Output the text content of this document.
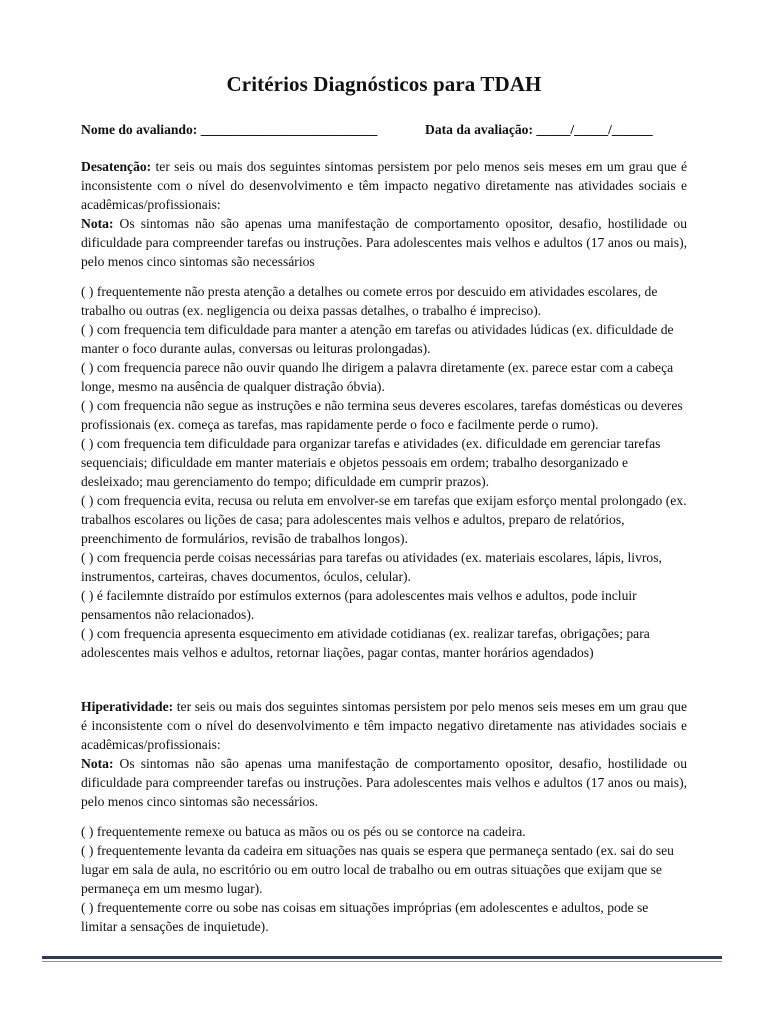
Critérios Diagnósticos para TDAH
Nome do avaliando: __________________________	Data da avaliação: _____/_____/______

Desatenção: ter seis ou mais dos seguintes sintomas persistem por pelo menos seis meses em um grau que é inconsistente com o nível do desenvolvimento e têm impacto negativo diretamente nas atividades sociais e acadêmicas/profissionais:

Nota: Os sintomas não são apenas uma manifestação de comportamento opositor, desafio, hostilidade ou dificuldade para compreender tarefas ou instruções. Para adolescentes mais velhos e adultos (17 anos ou mais), pelo menos cinco sintomas são necessários

( ) frequentemente não presta atenção a detalhes ou comete erros por descuido em atividades escolares, de trabalho ou outras (ex. negligencia ou deixa passas detalhes, o trabalho é impreciso).

( ) com frequencia tem dificuldade para manter a atenção em tarefas ou atividades lúdicas (ex. dificuldade de manter o foco durante aulas, conversas ou leituras prolongadas).

( ) com frequencia parece não ouvir quando lhe dirigem a palavra diretamente (ex. parece estar com a cabeça longe, mesmo na ausência de qualquer distração óbvia).

( ) com frequencia não segue as instruções e não termina seus deveres escolares, tarefas domésticas ou deveres profissionais (ex. começa as tarefas, mas rapidamente perde o foco e facilmente perde o rumo).

( ) com frequencia tem dificuldade para organizar tarefas e atividades (ex. dificuldade em gerenciar tarefas sequenciais; dificuldade em manter materiais e objetos pessoais em ordem; trabalho desorganizado e desleixado; mau gerenciamento do tempo; dificuldade em cumprir prazos).

( ) com frequencia evita, recusa ou reluta em envolver-se em tarefas que exijam esforço mental prolongado (ex. trabalhos escolares ou lições de casa; para adolescentes mais velhos e adultos, preparo de relatórios, preenchimento de formulários, revisão de trabalhos longos).

( ) com frequencia perde coisas necessárias para tarefas ou atividades (ex. materiais escolares, lápis, livros, instrumentos, carteiras, chaves documentos, óculos, celular).

( ) é facilemnte distraído por estímulos externos (para adolescentes mais velhos e adultos, pode incluir pensamentos não relacionados).

( ) com frequencia apresenta esquecimento em atividade cotidianas (ex. realizar tarefas, obrigações; para adolescentes mais velhos e adultos, retornar liações, pagar contas, manter horários agendados)

Hiperatividade: ter seis ou mais dos seguintes sintomas persistem por pelo menos seis meses em um grau que é inconsistente com o nível do desenvolvimento e têm impacto negativo diretamente nas atividades sociais e acadêmicas/profissionais:

Nota: Os sintomas não são apenas uma manifestação de comportamento opositor, desafio, hostilidade ou dificuldade para compreender tarefas ou instruções. Para adolescentes mais velhos e adultos (17 anos ou mais), pelo menos cinco sintomas são necessários.

( ) frequentemente remexe ou batuca as mãos ou os pés ou se contorce na cadeira.

( ) frequentemente levanta da cadeira em situações nas quais se espera que permaneça sentado (ex. sai do seu lugar em sala de aula, no escritório ou em outro local de trabalho ou em outras situações que exijam que se permaneça em um mesmo lugar).

( ) frequentemente corre ou sobe nas coisas em situações impróprias (em adolescentes e adultos, pode se limitar a sensações de inquietude).
